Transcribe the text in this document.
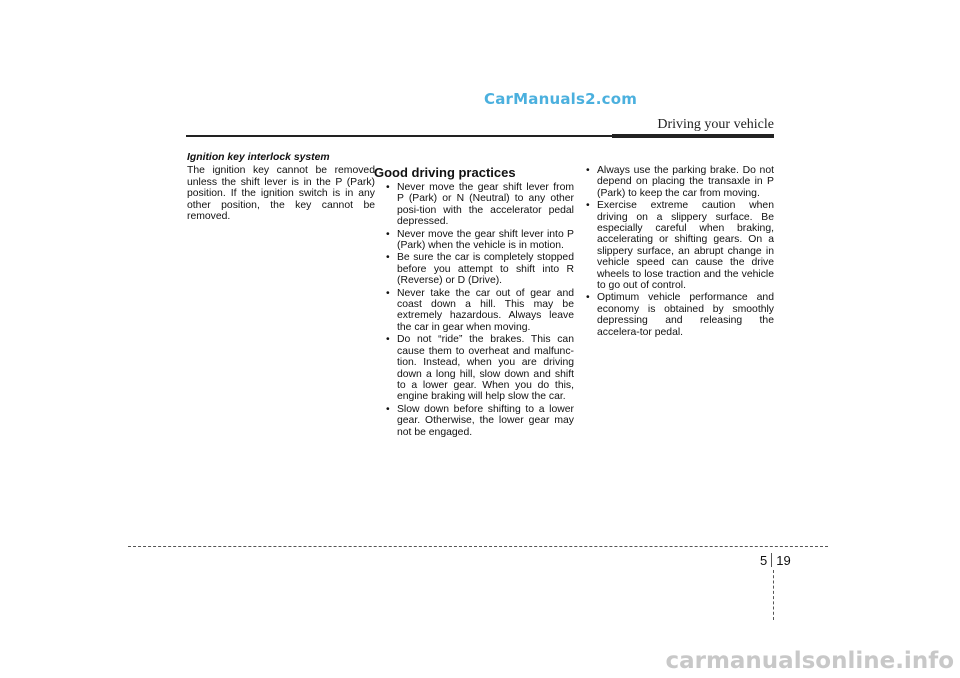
CarManuals2.com
Driving your vehicle

Ignition key interlock system

The ignition key cannot be removed unless the shift lever is in the P (Park) position. If the ignition switch is in any other position, the key cannot be removed.

Good driving practices
• Never move the gear shift lever from P (Park) or N (Neutral) to any other posi-tion with the accelerator pedal depressed.
• Never move the gear shift lever into P (Park) when the vehicle is in motion.
• Be sure the car is completely stopped before you attempt to shift into R (Reverse) or D (Drive).
• Never take the car out of gear and coast down a hill. This may be extremely hazardous. Always leave the car in gear when moving.
• Do not “ride” the brakes. This can cause them to overheat and malfunc-tion. Instead, when you are driving down a long hill, slow down and shift to a lower gear. When you do this, engine braking will help slow the car.
• Slow down before shifting to a lower gear. Otherwise, the lower gear may not be engaged.
• Always use the parking brake. Do not depend on placing the transaxle in P (Park) to keep the car from moving.
• Exercise extreme caution when driving on a slippery surface. Be especially careful when braking, accelerating or shifting gears. On a slippery surface, an abrupt change in vehicle speed can cause the drive wheels to lose traction and the vehicle to go out of control.
• Optimum vehicle performance and economy is obtained by smoothly depressing and releasing the accelera-tor pedal.
5 19
carmanualsonline.info
